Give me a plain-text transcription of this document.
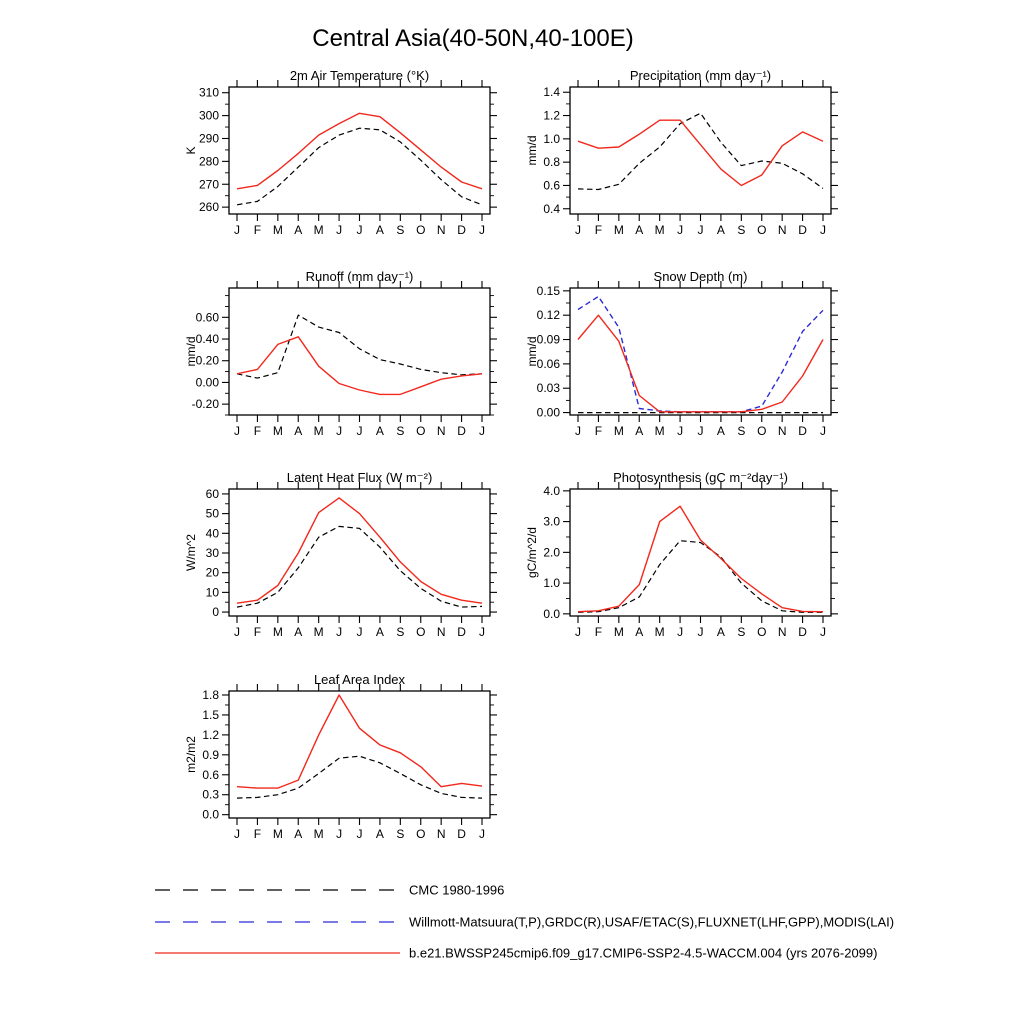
Central Asia(40-50N,40-100E)
2m Air Temperature (°K)
K
260
270
280
290
300
310
J F M A M J J A S O N D J
Precipitation (mm day⁻¹)
mm/d
0.4
0.6
0.8
1.0
1.2
1.4
J F M A M J J A S O N D J
Runoff (mm day⁻¹)
mm/d
-0.20
0.00
0.20
0.40
0.60
J F M A M J J A S O N D J
Snow Depth (m)
mm/d
0.00
0.03
0.06
0.09
0.12
0.15
J F M A M J J A S O N D J
Latent Heat Flux (W m⁻²)
W/m^2
0
10
20
30
40
50
60
J F M A M J J A S O N D J
Photosynthesis (gC m⁻²day⁻¹)
gC/m^2/d
0.0
1.0
2.0
3.0
4.0
J F M A M J J A S O N D J
Leaf Area Index
m2/m2
0.0
0.3
0.6
0.9
1.2
1.5
1.8
J F M A M J J A S O N D J
CMC 1980-1996
Willmott-Matsuura(T,P),GRDC(R),USAF/ETAC(S),FLUXNET(LHF,GPP),MODIS(LAI)
b.e21.BWSSP245cmip6.f09_g17.CMIP6-SSP2-4.5-WACCM.004 (yrs 2076-2099)
